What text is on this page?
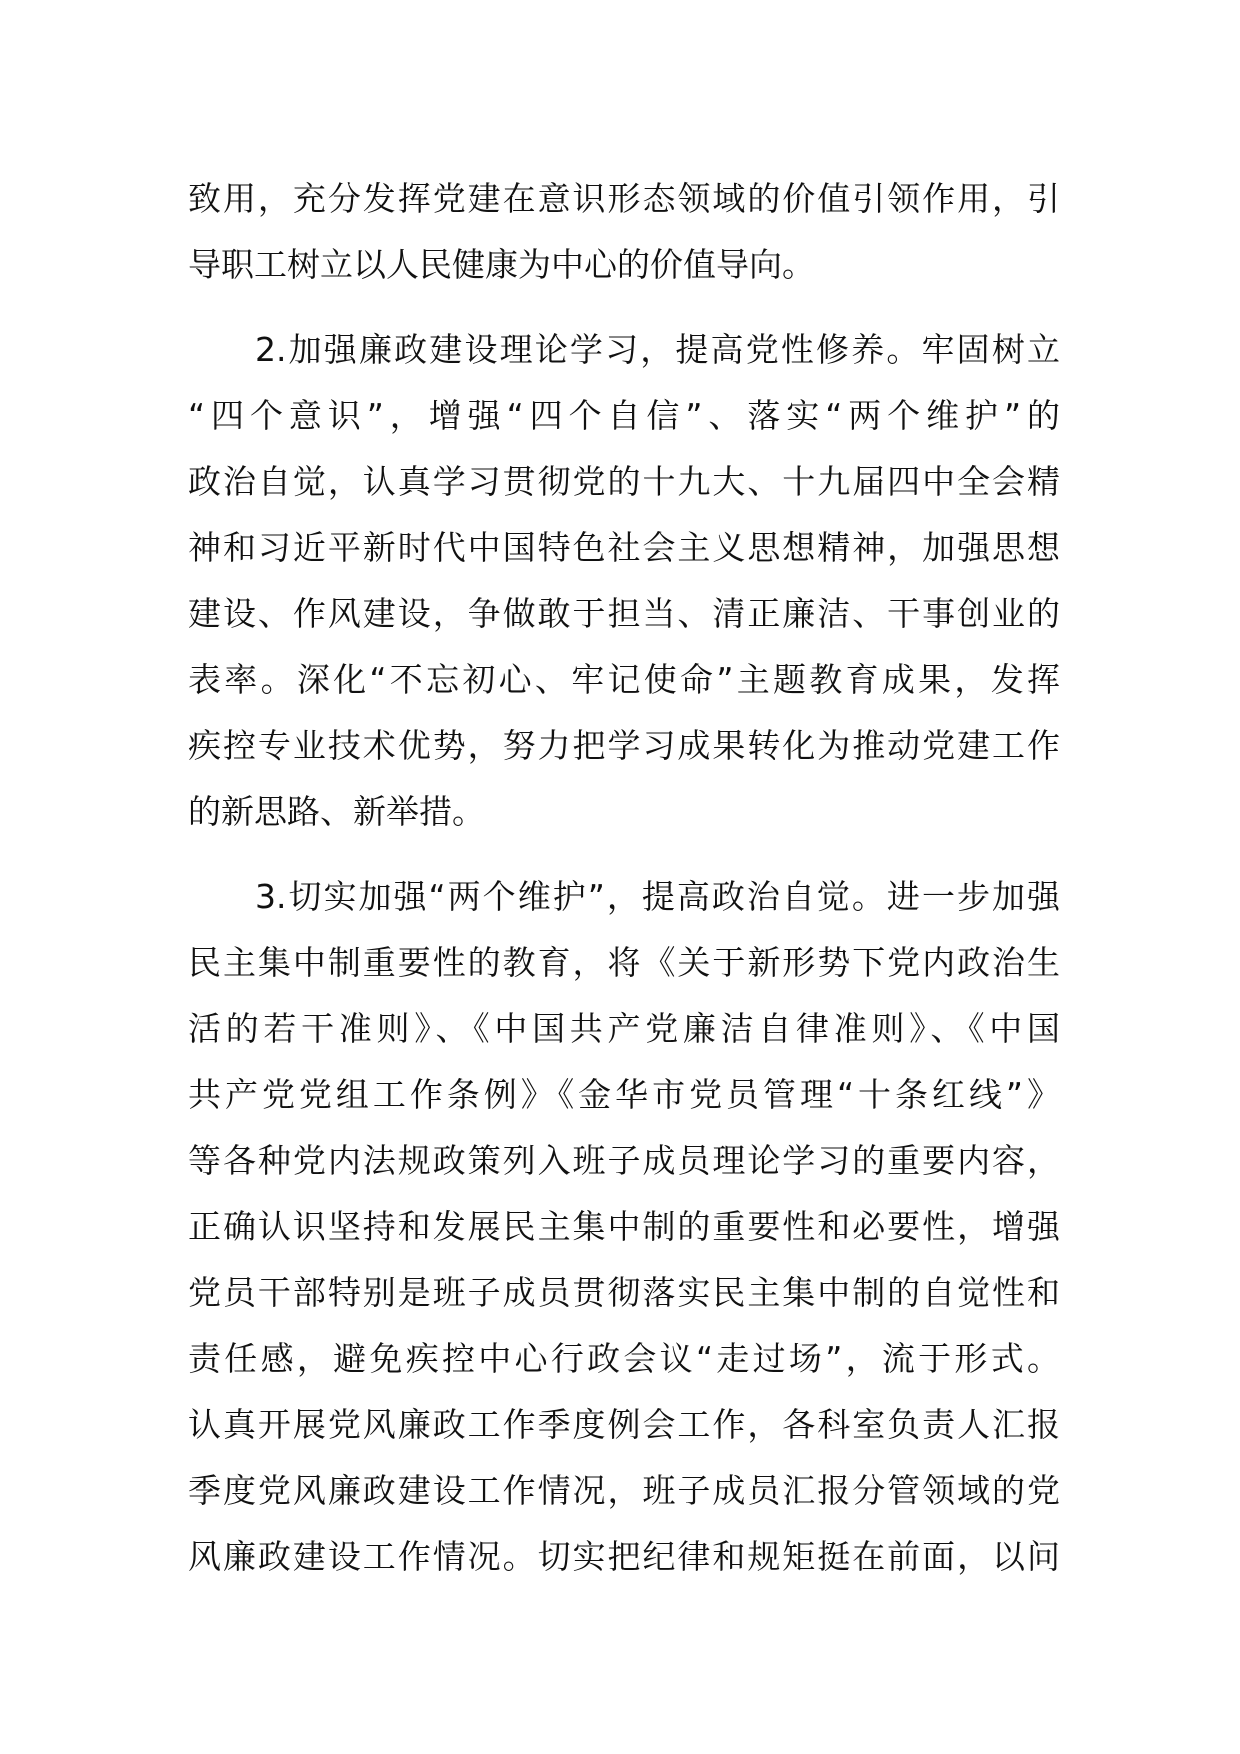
致用，充分发挥党建在意识形态领域的价值引领作用，引
导职工树立以人民健康为中心的价值导向。
2.加强廉政建设理论学习，提高党性修养。牢固树立
“四个意识”，增强“四个自信”、落实“两个维护”的
政治自觉，认真学习贯彻党的十九大、十九届四中全会精
神和习近平新时代中国特色社会主义思想精神，加强思想
建设、作风建设，争做敢于担当、清正廉洁、干事创业的
表率。深化“不忘初心、牢记使命”主题教育成果，发挥
疾控专业技术优势，努力把学习成果转化为推动党建工作
的新思路、新举措。
3.切实加强“两个维护”，提高政治自觉。进一步加强
民主集中制重要性的教育，将《关于新形势下党内政治生
活的若干准则》、《中国共产党廉洁自律准则》、《中国
共产党党组工作条例》《金华市党员管理“十条红线”》
等各种党内法规政策列入班子成员理论学习的重要内容，
正确认识坚持和发展民主集中制的重要性和必要性，增强
党员干部特别是班子成员贯彻落实民主集中制的自觉性和
责任感，避免疾控中心行政会议“走过场”，流于形式。
认真开展党风廉政工作季度例会工作，各科室负责人汇报
季度党风廉政建设工作情况，班子成员汇报分管领域的党
风廉政建设工作情况。切实把纪律和规矩挺在前面，以问
